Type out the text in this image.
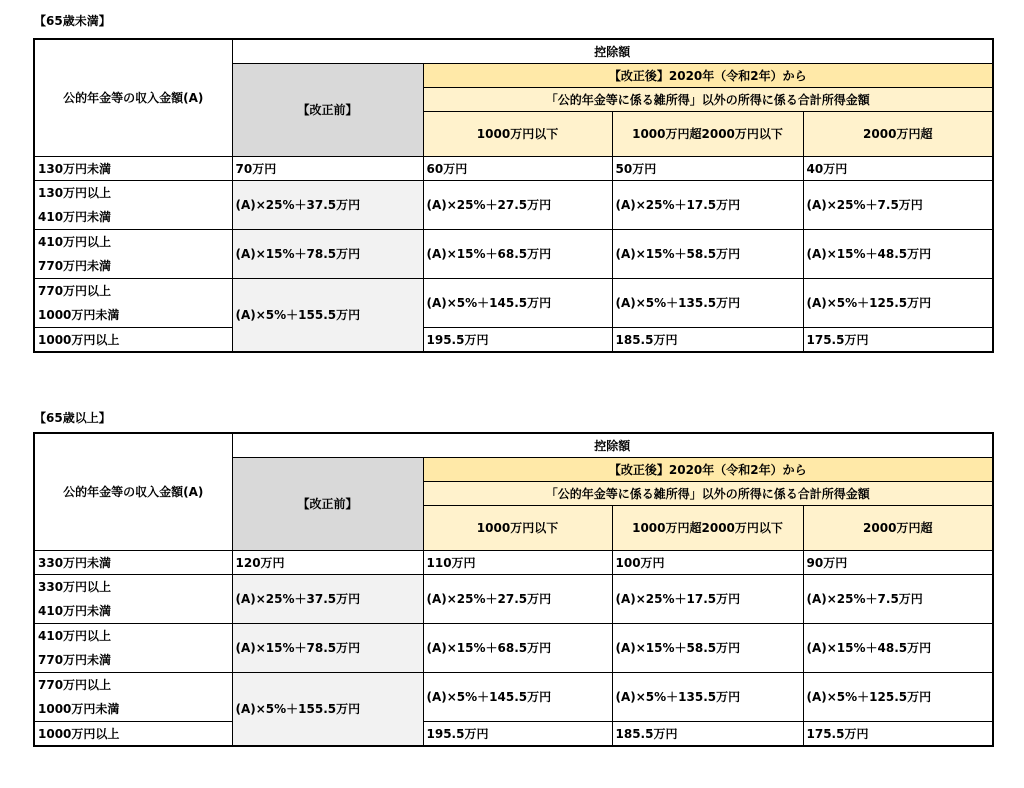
【65歳未満】
公的年金等の収入金額(A)	控除額			
	【改正前】	【改正後】2020年（令和2年）から		
		「公的年金等に係る雑所得」以外の所得に係る合計所得金額		
		1000万円以下	1000万円超2000万円以下	2000万円超
130万円未満	70万円	60万円	50万円	40万円

130万円以上
410万円未満	(A)×25%＋37.5万円	(A)×25%＋27.5万円	(A)×25%＋17.5万円	(A)×25%＋7.5万円

410万円以上
770万円未満	(A)×15%＋78.5万円	(A)×15%＋68.5万円	(A)×15%＋58.5万円	(A)×15%＋48.5万円

770万円以上
1000万円未満	(A)×5%＋155.5万円	(A)×5%＋145.5万円	(A)×5%＋135.5万円	(A)×5%＋125.5万円
1000万円以上		195.5万円	185.5万円	175.5万円
【65歳以上】
公的年金等の収入金額(A)	控除額			
	【改正前】	【改正後】2020年（令和2年）から		
		「公的年金等に係る雑所得」以外の所得に係る合計所得金額		
		1000万円以下	1000万円超2000万円以下	2000万円超
330万円未満	120万円	110万円	100万円	90万円

330万円以上
410万円未満	(A)×25%＋37.5万円	(A)×25%＋27.5万円	(A)×25%＋17.5万円	(A)×25%＋7.5万円

410万円以上
770万円未満	(A)×15%＋78.5万円	(A)×15%＋68.5万円	(A)×15%＋58.5万円	(A)×15%＋48.5万円

770万円以上
1000万円未満	(A)×5%＋155.5万円	(A)×5%＋145.5万円	(A)×5%＋135.5万円	(A)×5%＋125.5万円
1000万円以上		195.5万円	185.5万円	175.5万円
